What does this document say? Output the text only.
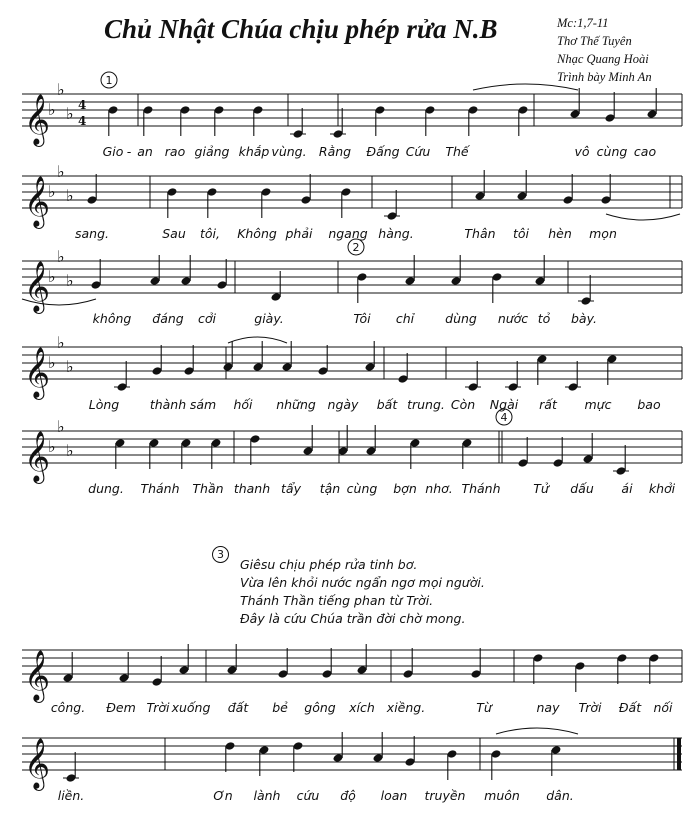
Chủ Nhật Chúa chịu phép rửa N.B	Mc:1,7-11
Thơ Thế Tuyên
Nhạc Quang Hoài
Trình bày Minh An
𝄞
♭
♭
♭ 4
4
1
Gio - an rao giảng khắp vùng. Rằng Đấng Cứu Thế	vô cùng cao
𝄞
♭
♭
♭
sang.	Sau tôi, Không phải ngang hàng.	Thân tôi hèn mọn
𝄞
♭
♭
♭
2
không đáng cởi	giày.	Tôi chỉ dùng nước tỏ bày.
𝄞
♭
♭
♭
Lòng thành sám hối những ngày bất trung. Còn Ngài rất mực bao
𝄞
♭
♭
♭
4
dung. Thánh Thần thanh tẩy tận cùng bợn nhơ. Thánh	Tử dấu ái khởi
𝄞
công. Đem Trời xuống đất bẻ gông xích xiềng.	Từ	nay Trời Đất nối
𝄞
liền.	Ơn lành cứu độ loan truyền muôn dân.
3
Giêsu chịu phép rửa tinh bơ.
Vừa lên khỏi nước ngẩn ngơ mọi người.
Thánh Thần tiếng phan từ Trời.
Đây là cứu Chúa trần đời chờ mong.
